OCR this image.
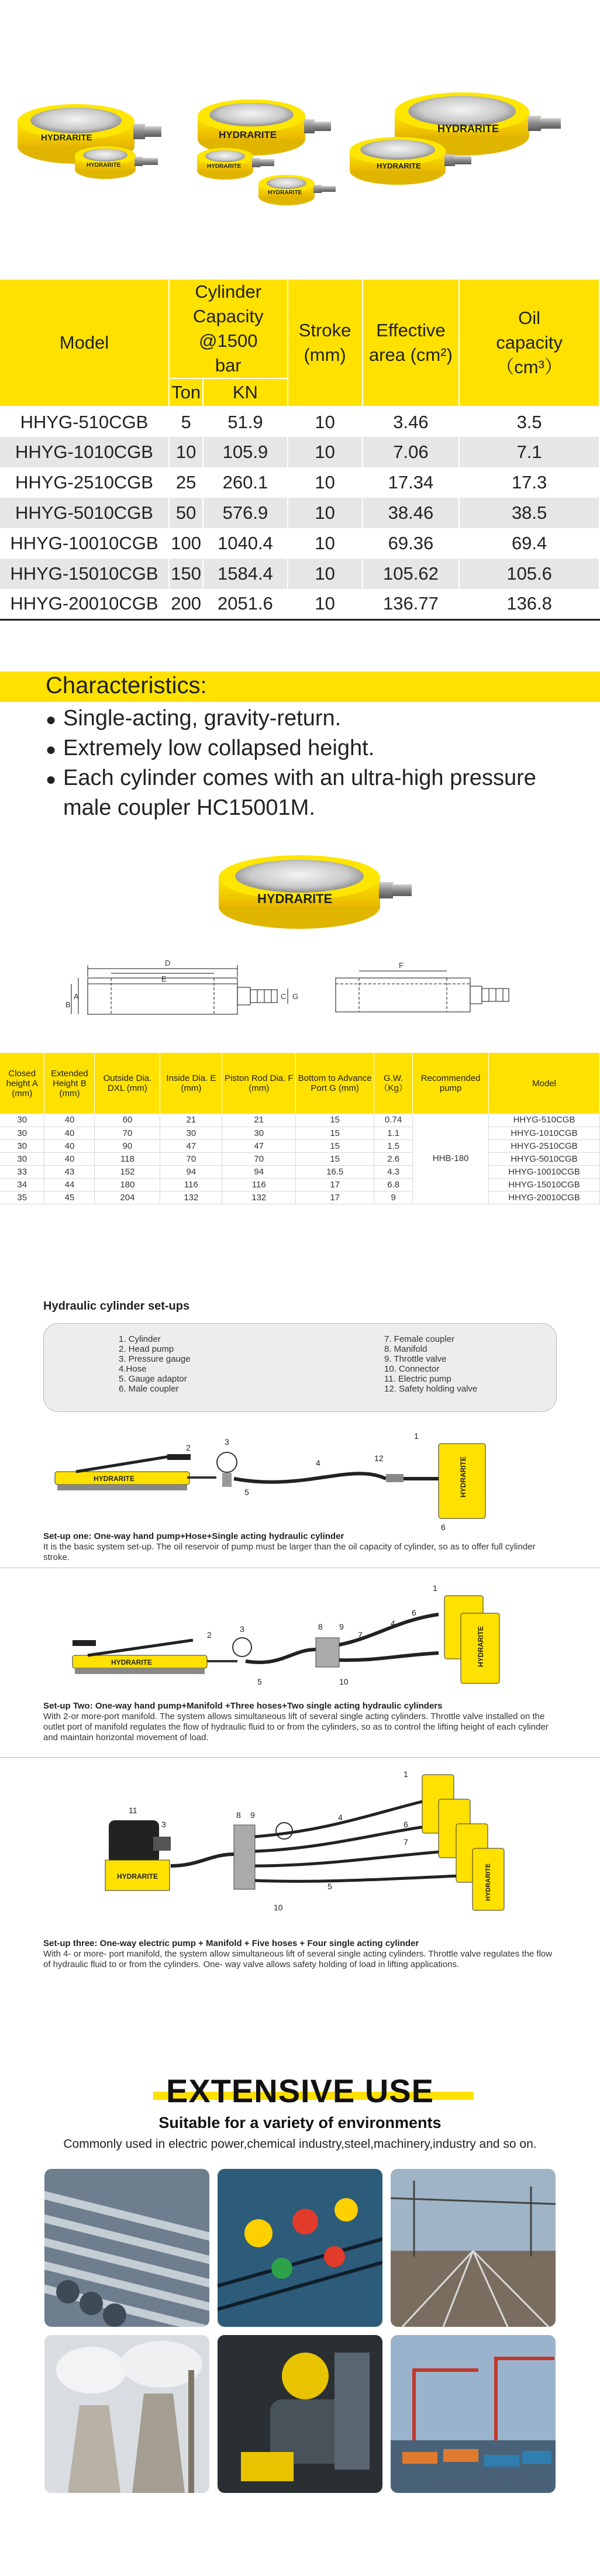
HYDRARITE
HYDRARITE
HYDRARITE
HYDRARITE
HYDRARITE
HYDRARITE
HYDRARITE
Model	Cylinder Capacity @1500 bar		Stroke (mm)	Effective area (cm²)	Oil capacity （cm³）
	Ton	KN			
HHYG-510CGB	5	51.9	10	3.46	3.5
HHYG-1010CGB	10	105.9	10	7.06	7.1
HHYG-2510CGB	25	260.1	10	17.34	17.3
HHYG-5010CGB	50	576.9	10	38.46	38.5
HHYG-10010CGB	100	1040.4	10	69.36	69.4
HHYG-15010CGB	150	1584.4	10	105.62	105.6
HHYG-20010CGB	200	2051.6	10	136.77	136.8
Characteristics:
● Single-acting, gravity-return.
● Extremely low collapsed height.
● Each cylinder comes with an ultra-high pressure male coupler HC15001M.
HYDRARITE
D
E
A
B
F
G
C
Closed height A (mm)	Extended Height B (mm)	Outside Dia. DXL (mm)	Inside Dia. E (mm)	Piston Rod Dia. F (mm)	Bottom to Advance Port G (mm)	G.W. （Kg）	Recommended pump	Model
30	40	60	21	21	15	0.74	HHB-180	HHYG-510CGB
30	40	70	30	30	15	1.1		HHYG-1010CGB
30	40	90	47	47	15	1.5		HHYG-2510CGB
30	40	118	70	70	15	2.6		HHYG-5010CGB
33	43	152	94	94	16.5	4.3		HHYG-10010CGB
34	44	180	116	116	17	6.8		HHYG-15010CGB
35	45	204	132	132	17	9		HHYG-20010CGB
Hydraulic cylinder set-ups
1. Cylinder
2. Head pump
3. Pressure gauge
4.Hose
5. Gauge adaptor
6. Male coupler
7. Female coupler
8. Manifold
9. Throttle valve
10. Connector
11. Electric pump
12. Safety holding valve
HYDRARITE	HYDRARITE
1
2
3
4
5
6
12
Set-up one: One-way hand pump+Hose+Single acting hydraulic cylinder
It is the basic system set-up. The oil reservoir of pump must be larger than the oil capacity of cylinder, so as to offer full cylinder stroke.
HYDRARITE	HYDRARITE
1
2
3
4
5
6
7
8 9
10
Set-up Two: One-way hand pump+Manifold +Three hoses+Two single acting hydraulic cylinders
With 2-or more-port manifold. The system allows simultaneous lift of several single acting cylinders. Throttle valve installed on the outlet port of manifold regulates the flow of hydraulic fluid to or from the cylinders, so as to control the lifting height of each cylinder and maintain horizontal movement of load.
HYDRARITE	HYDRARITE
1
3
4
5
6
7
8 9
10
11
Set-up three: One-way electric pump + Manifold + Five hoses + Four single acting cylinder
With 4- or more- port manifold, the system allow simultaneous lift of several single acting cylinders. Throttle valve regulates the flow of hydraulic fluid to or from the cylinders. One- way valve allows safety holding of load in lifting applications.
EXTENSIVE USE
Suitable for a variety of environments
Commonly used in electric power,chemical industry,steel,machinery,industry and so on.
